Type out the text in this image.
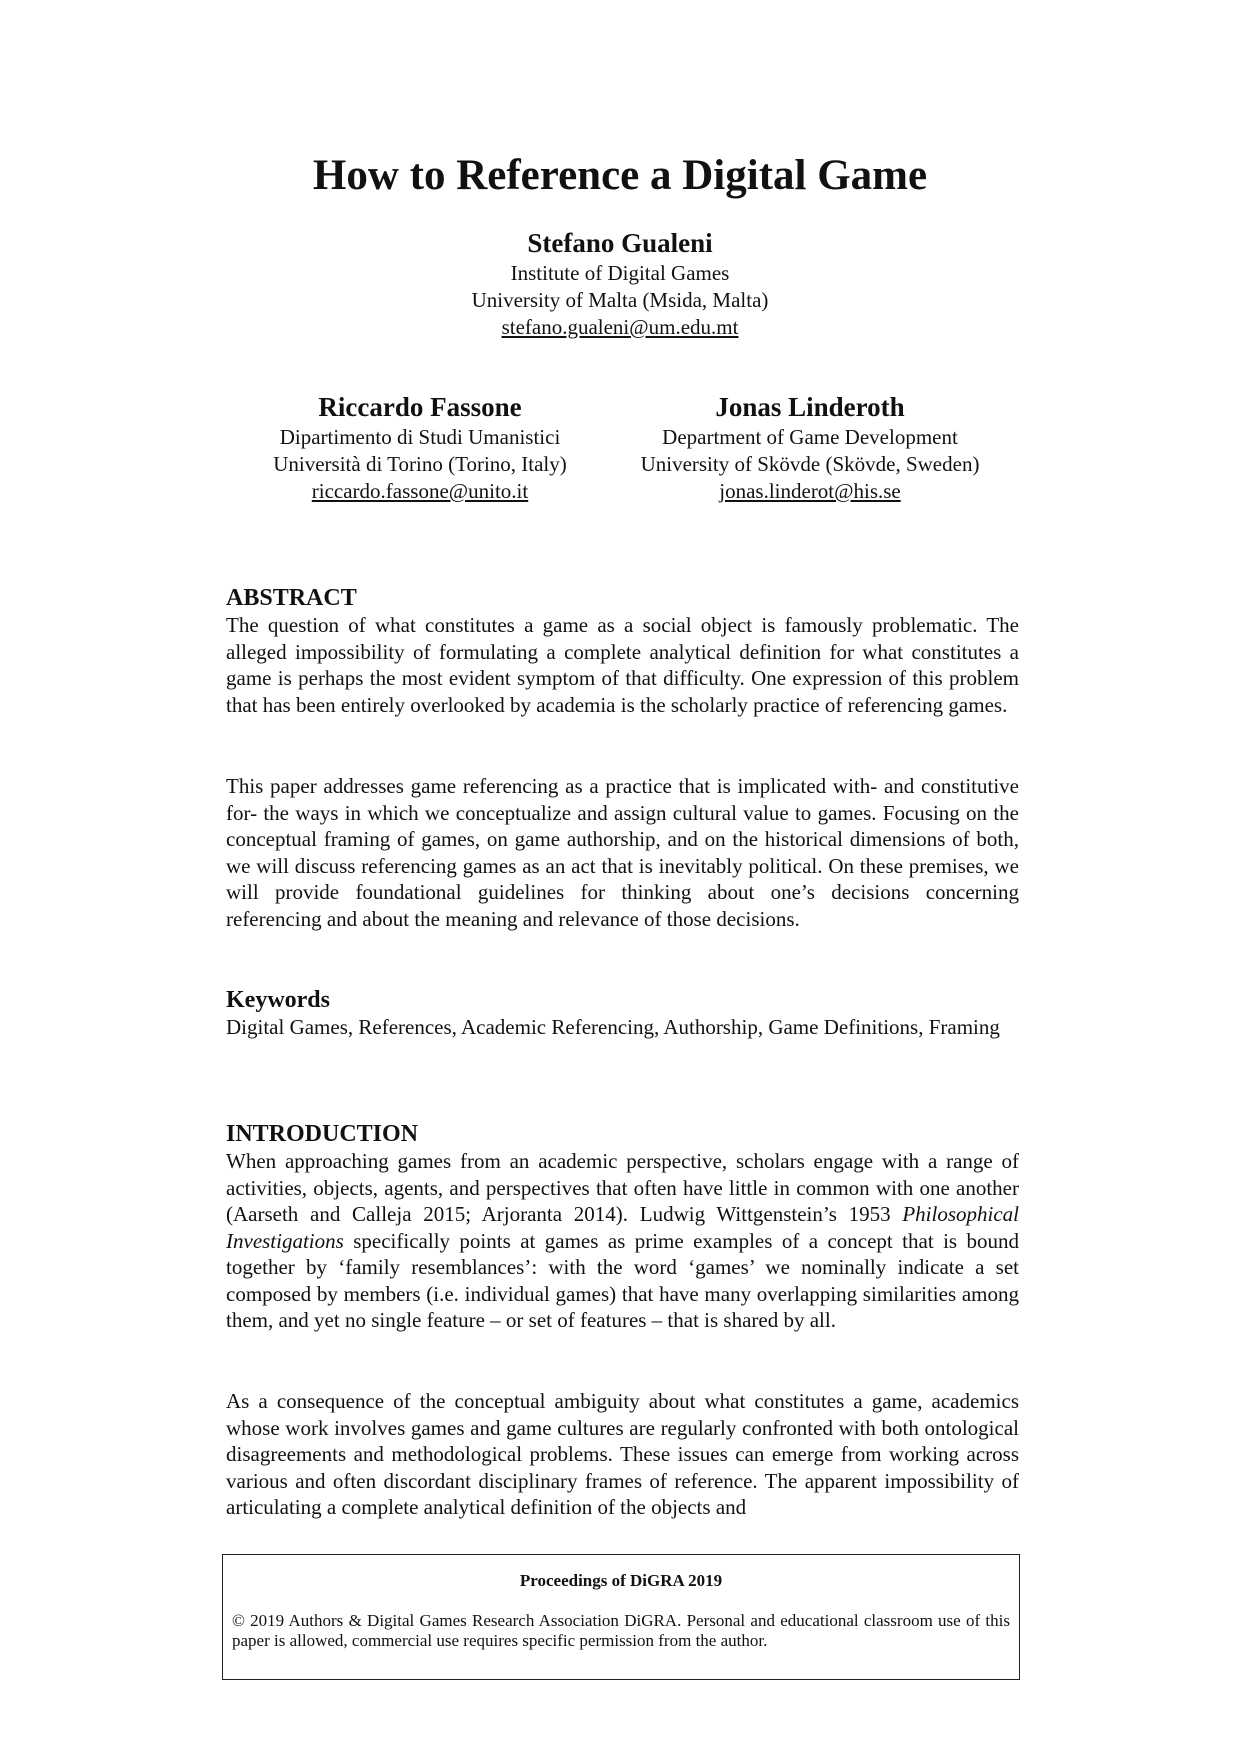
How to Reference a Digital Game
Stefano Gualeni
Institute of Digital Games
University of Malta (Msida, Malta)
stefano.gualeni@um.edu.mt
Riccardo Fassone
Dipartimento di Studi Umanistici
Università di Torino (Torino, Italy)
riccardo.fassone@unito.it
Jonas Linderoth
Department of Game Development
University of Skövde (Skövde, Sweden)
jonas.linderot@his.se
ABSTRACT

The question of what constitutes a game as a social object is famously problematic. The alleged impossibility of formulating a complete analytical definition for what constitutes a game is perhaps the most evident symptom of that difficulty. One expression of this problem that has been entirely overlooked by academia is the scholarly practice of referencing games.

This paper addresses game referencing as a practice that is implicated with- and constitutive for- the ways in which we conceptualize and assign cultural value to games. Focusing on the conceptual framing of games, on game authorship, and on the historical dimensions of both, we will discuss referencing games as an act that is inevitably political. On these premises, we will provide foundational guidelines for thinking about one’s decisions concerning referencing and about the meaning and relevance of those decisions.

Keywords

Digital Games, References, Academic Referencing, Authorship, Game Definitions, Framing

INTRODUCTION

When approaching games from an academic perspective, scholars engage with a range of activities, objects, agents, and perspectives that often have little in common with one another (Aarseth and Calleja 2015; Arjoranta 2014). Ludwig Wittgenstein’s 1953 Philosophical Investigations specifically points at games as prime examples of a concept that is bound together by ‘family resemblances’: with the word ‘games’ we nominally indicate a set composed by members (i.e. individual games) that have many overlapping similarities among them, and yet no single feature – or set of features – that is shared by all.

As a consequence of the conceptual ambiguity about what constitutes a game, academics whose work involves games and game cultures are regularly confronted with both ontological disagreements and methodological problems. These issues can emerge from working across various and often discordant disciplinary frames of reference. The apparent impossibility of articulating a complete analytical definition of the objects and

Proceedings of DiGRA 2019
© 2019 Authors & Digital Games Research Association DiGRA. Personal and educational classroom use of this paper is allowed, commercial use requires specific permission from the author.
